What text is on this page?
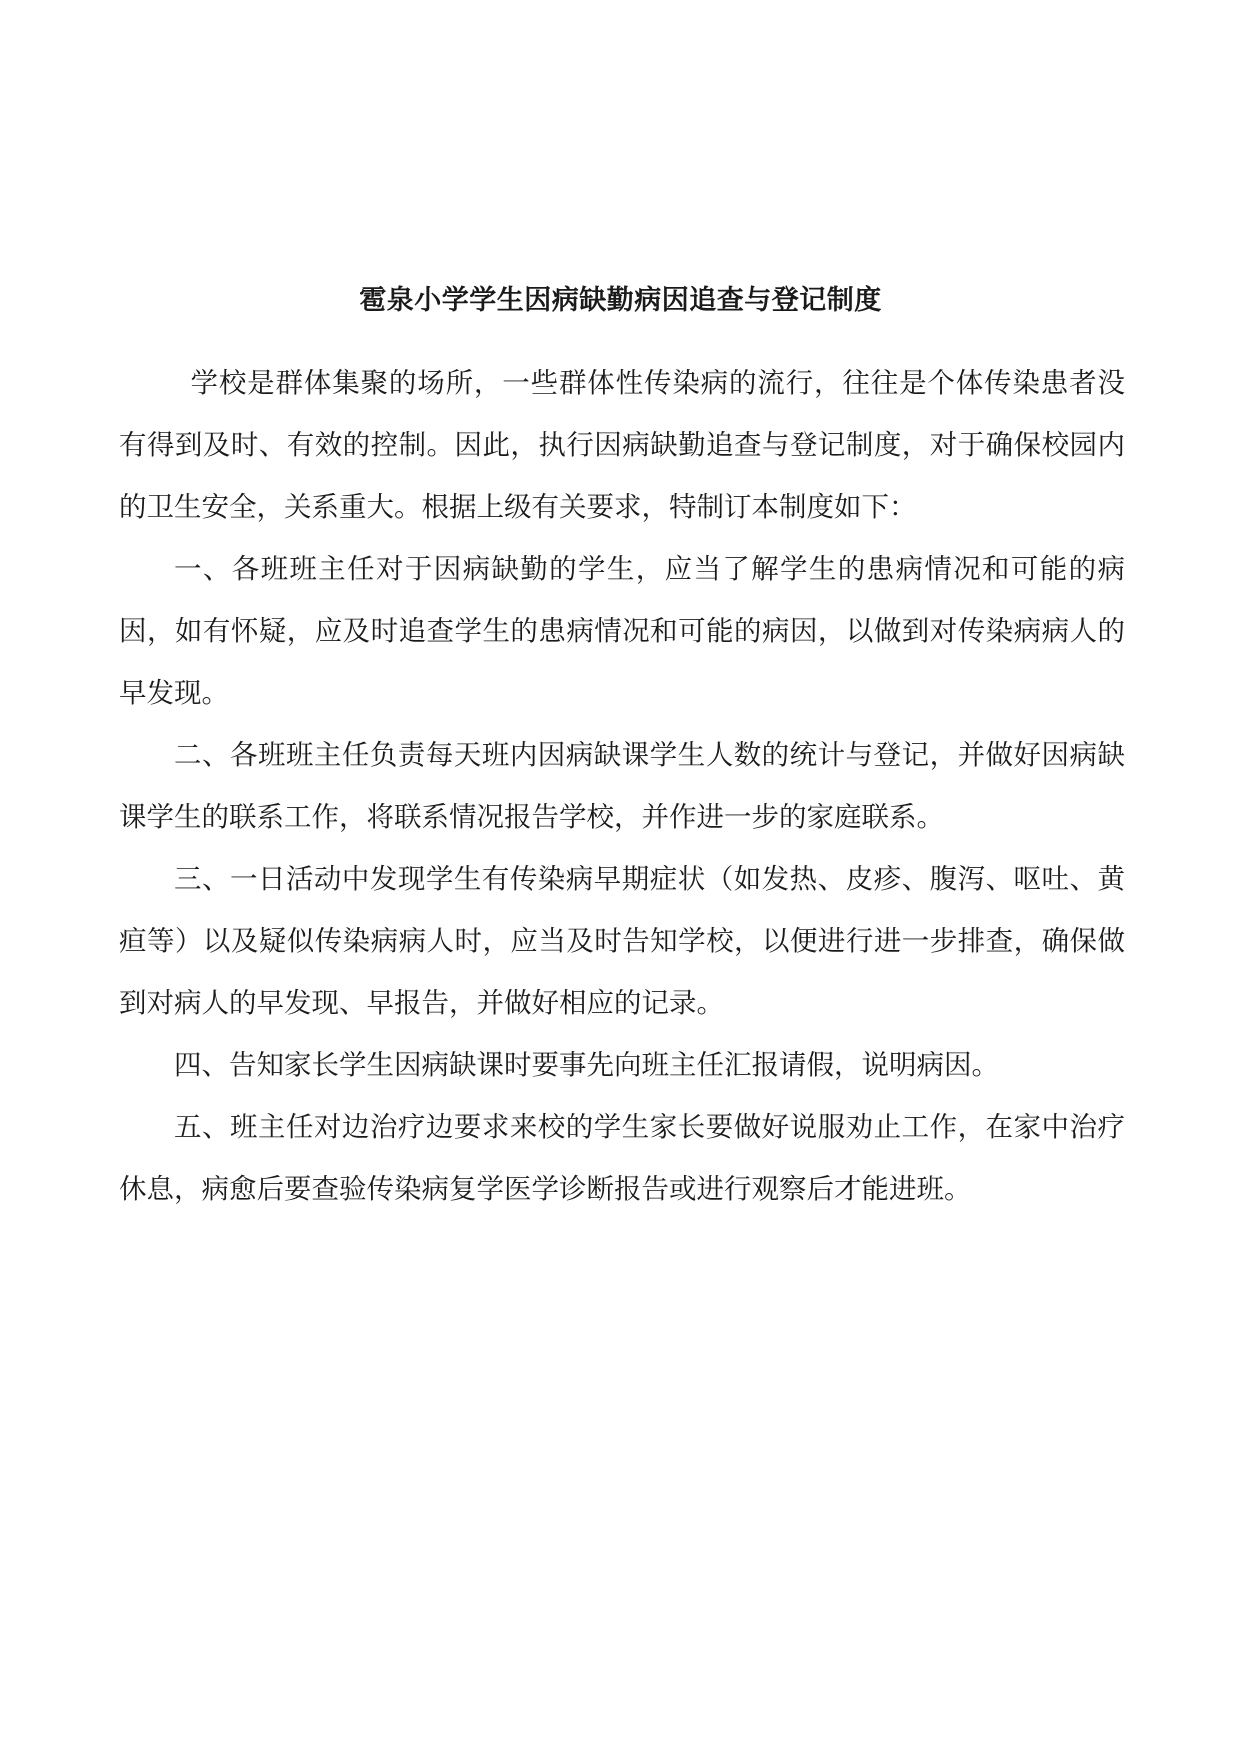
雹泉小学学生因病缺勤病因追查与登记制度

学校是群体集聚的场所，一些群体性传染病的流行，往往是个体传染患者没有得到及时、有效的控制。因此，执行因病缺勤追查与登记制度，对于确保校园内的卫生安全，关系重大。根据上级有关要求，特制订本制度如下：

一、各班班主任对于因病缺勤的学生，应当了解学生的患病情况和可能的病因，如有怀疑，应及时追查学生的患病情况和可能的病因，以做到对传染病病人的早发现。

二、各班班主任负责每天班内因病缺课学生人数的统计与登记，并做好因病缺课学生的联系工作，将联系情况报告学校，并作进一步的家庭联系。

三、一日活动中发现学生有传染病早期症状（如发热、皮疹、腹泻、呕吐、黄疸等）以及疑似传染病病人时，应当及时告知学校，以便进行进一步排查，确保做到对病人的早发现、早报告，并做好相应的记录。

四、告知家长学生因病缺课时要事先向班主任汇报请假，说明病因。

五、班主任对边治疗边要求来校的学生家长要做好说服劝止工作，在家中治疗休息，病愈后要查验传染病复学医学诊断报告或进行观察后才能进班。
